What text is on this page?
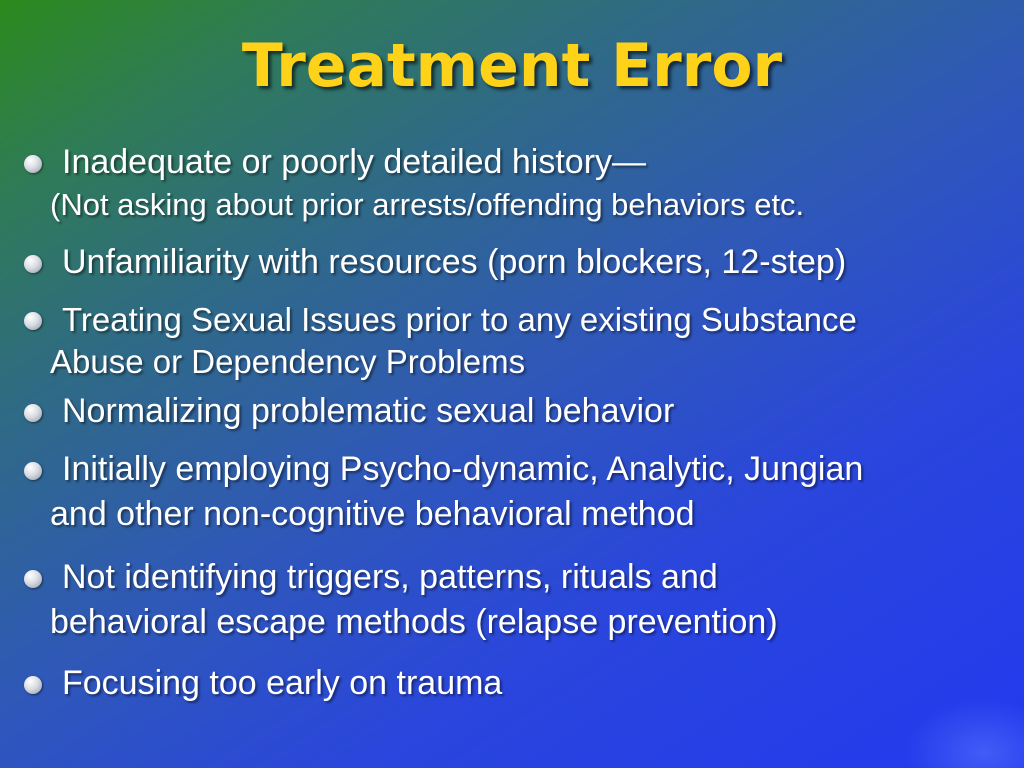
Treatment Error
Inadequate or poorly detailed history—
(Not asking about prior arrests/offending behaviors etc.
Unfamiliarity with resources (porn blockers, 12-step)
Treating Sexual Issues prior to any existing Substance
Abuse or Dependency Problems
Normalizing problematic sexual behavior
Initially employing Psycho-dynamic, Analytic, Jungian
and other non-cognitive behavioral method
Not identifying triggers, patterns, rituals and
behavioral escape methods (relapse prevention)
Focusing too early on trauma
